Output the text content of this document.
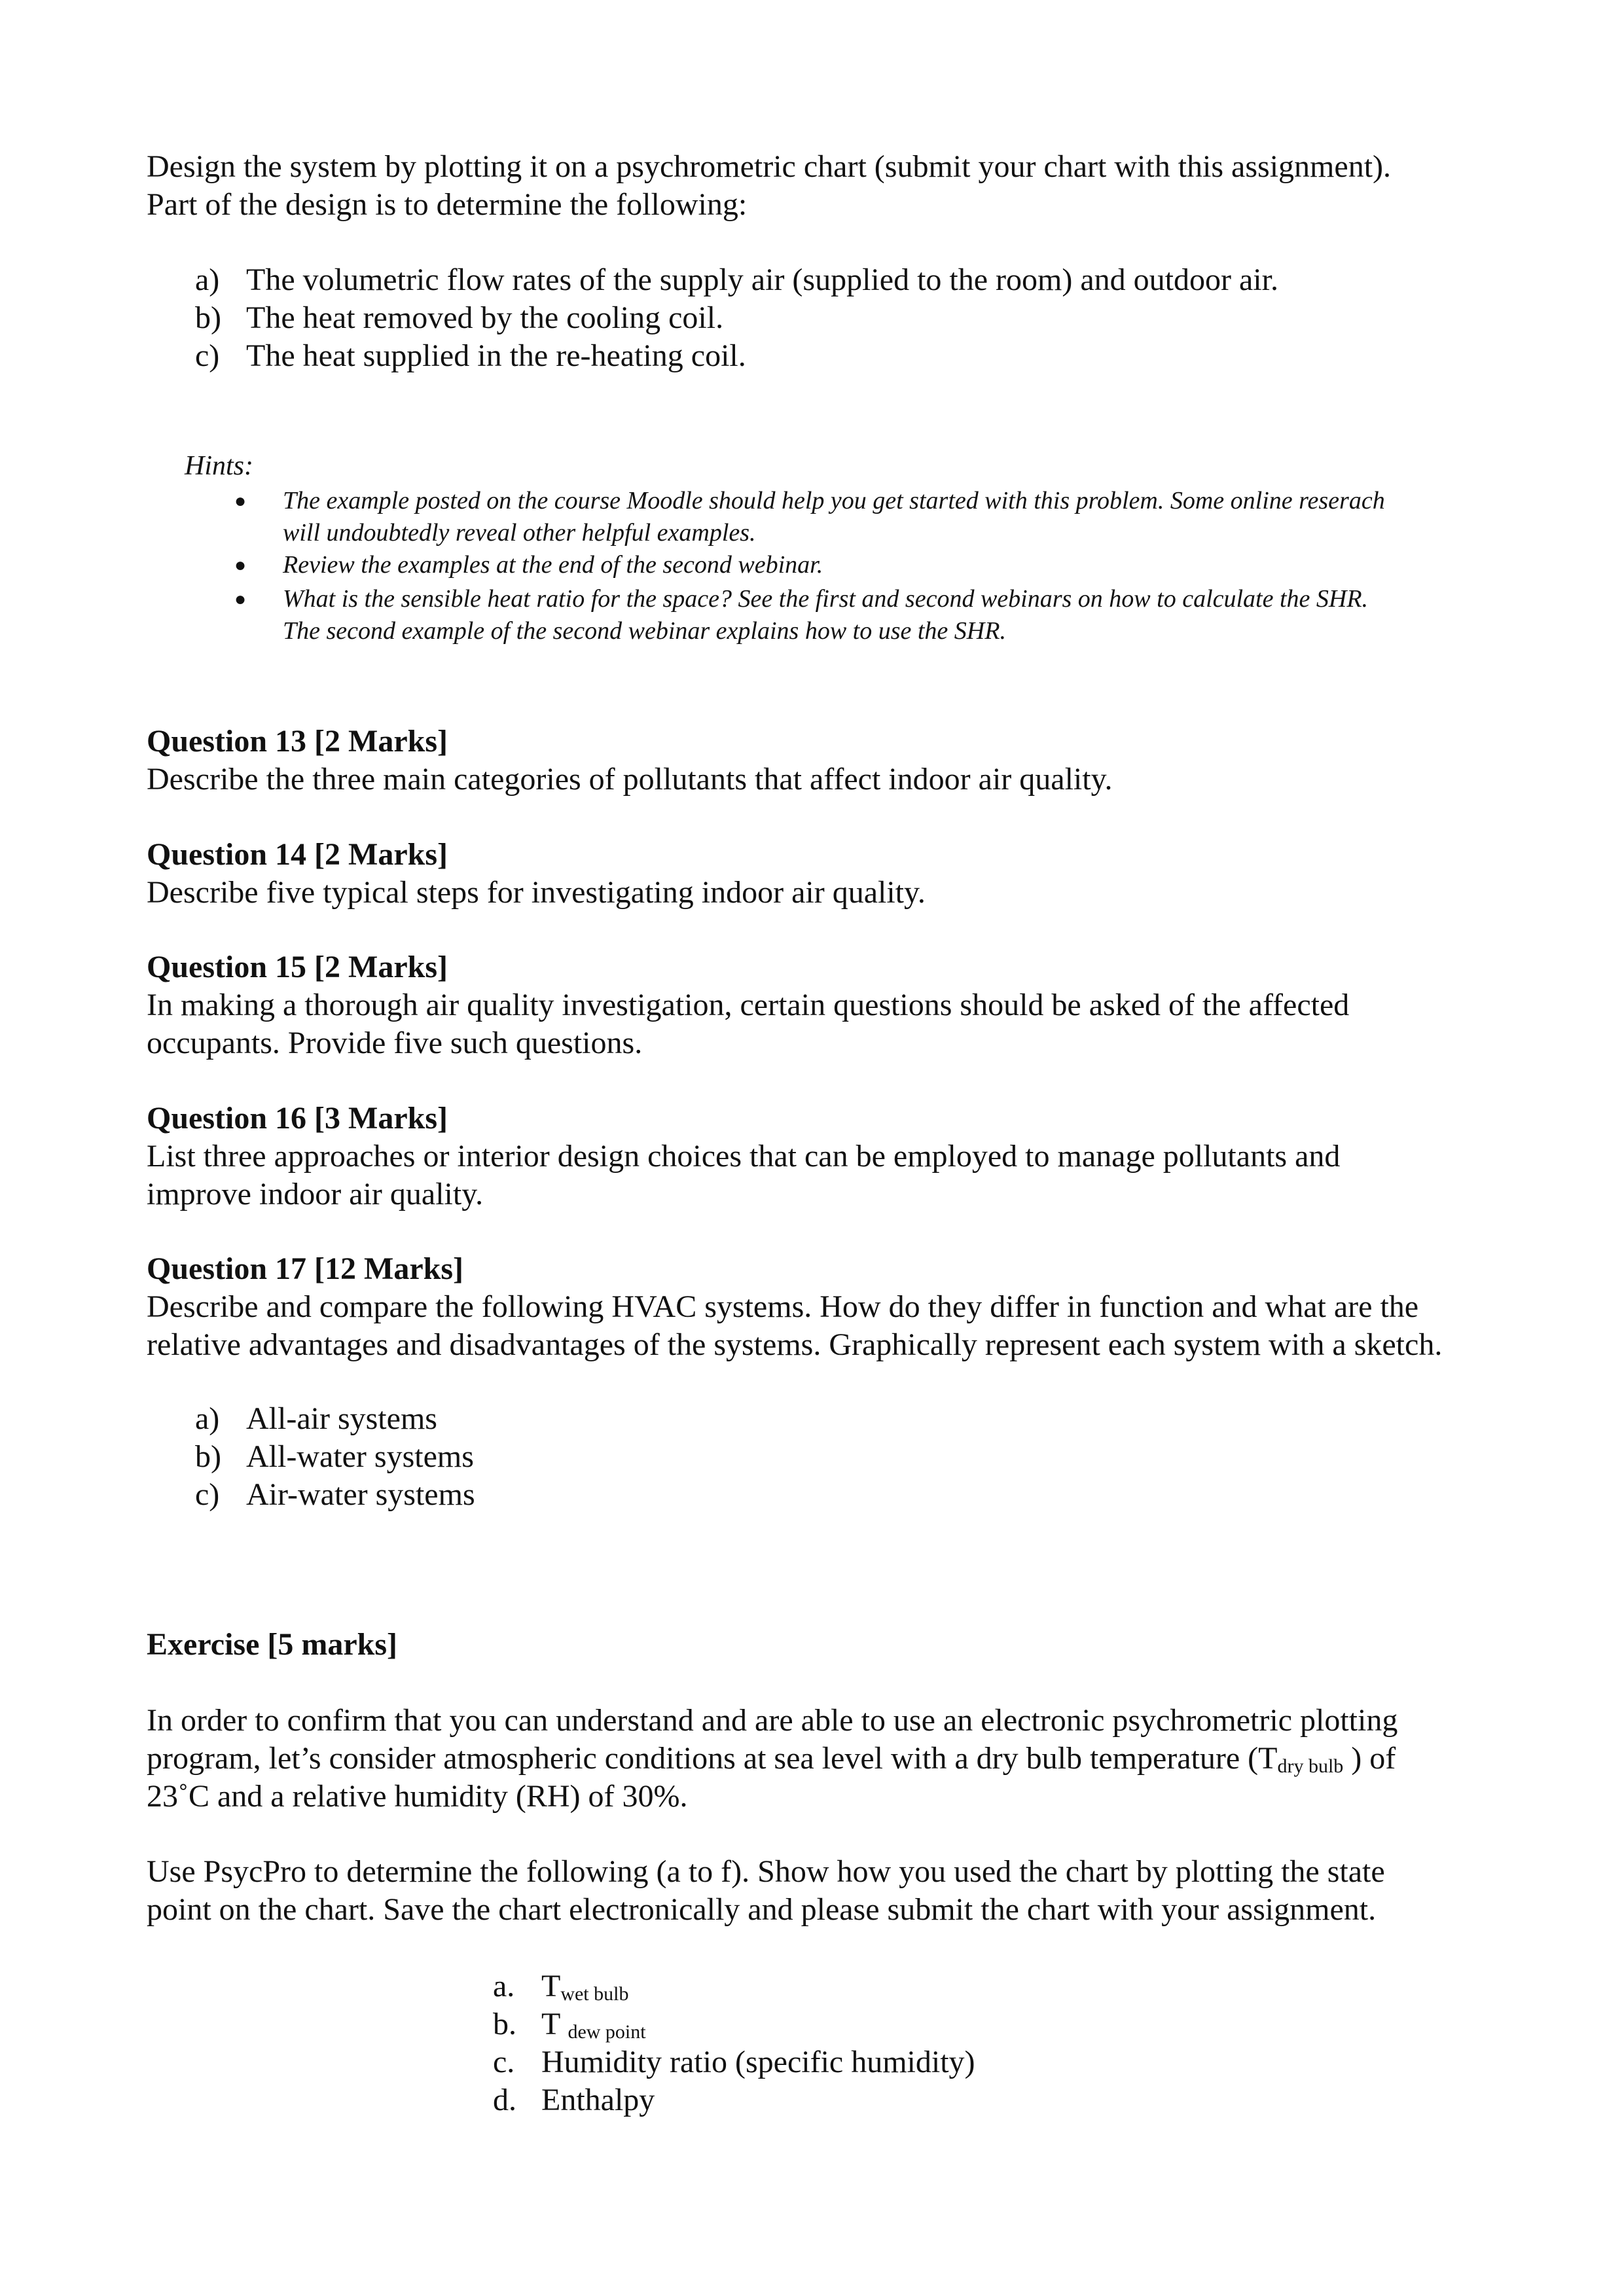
Design the system by plotting it on a psychrometric chart (submit your chart with this assignment).
Part of the design is to determine the following:
a) The volumetric flow rates of the supply air (supplied to the room) and outdoor air.
b) The heat removed by the cooling coil.
c) The heat supplied in the re-heating coil.
Hints:
● The example posted on the course Moodle should help you get started with this problem. Some online reserach
will undoubtedly reveal other helpful examples.
● Review the examples at the end of the second webinar.
● What is the sensible heat ratio for the space? See the first and second webinars on how to calculate the SHR.
The second example of the second webinar explains how to use the SHR.
Question 13 [2 Marks]
Describe the three main categories of pollutants that affect indoor air quality.
Question 14 [2 Marks]
Describe five typical steps for investigating indoor air quality.
Question 15 [2 Marks]
In making a thorough air quality investigation, certain questions should be asked of the affected
occupants. Provide five such questions.
Question 16 [3 Marks]
List three approaches or interior design choices that can be employed to manage pollutants and
improve indoor air quality.
Question 17 [12 Marks]
Describe and compare the following HVAC systems. How do they differ in function and what are the
relative advantages and disadvantages of the systems. Graphically represent each system with a sketch.
a) All-air systems
b) All-water systems
c) Air-water systems
Exercise [5 marks]
In order to confirm that you can understand and are able to use an electronic psychrometric plotting
program, let’s consider atmospheric conditions at sea level with a dry bulb temperature ($T_{dry bulb}$ ) of
23˚C and a relative humidity (RH) of 30%.
Use PsycPro to determine the following (a to f). Show how you used the chart by plotting the state
point on the chart. Save the chart electronically and please submit the chart with your assignment.
a. $T_{wet bulb}$
b. T $_{dew point}$
c. Humidity ratio (specific humidity)
d. Enthalpy
